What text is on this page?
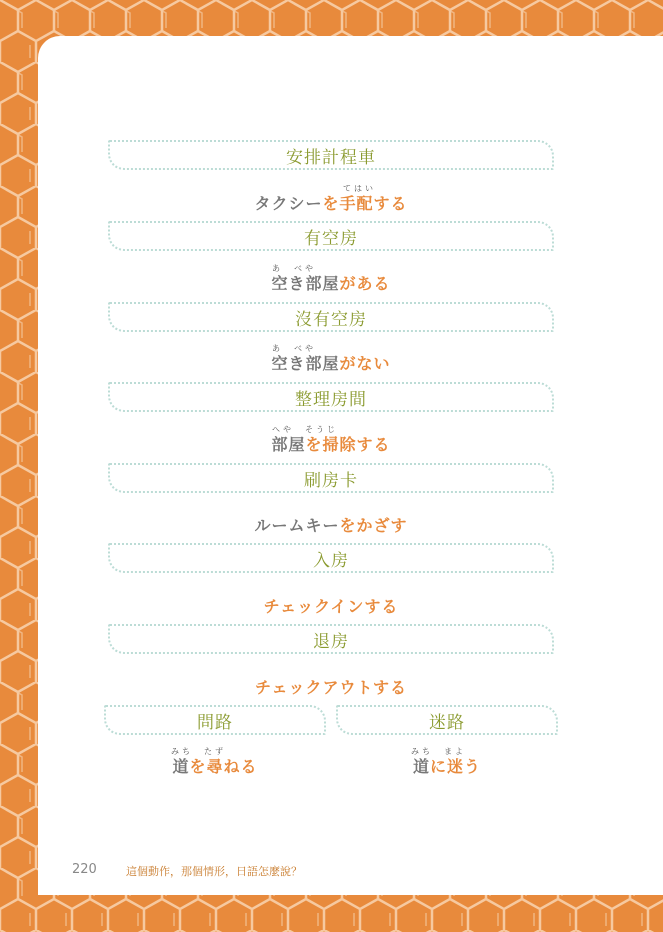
安排計程車
てはい
タクシーを手配する
有空房
あ　べや
空き部屋がある
沒有空房
あ　べや
空き部屋がない
整理房間
へや　そうじ
部屋を掃除する
刷房卡
ルームキーをかざす
入房
チェックインする
退房
チェックアウトする
問路	迷路
みち　たず	みち　まよ
道を尋ねる	道に迷う
220	這個動作，那個情形，日語怎麼說？
